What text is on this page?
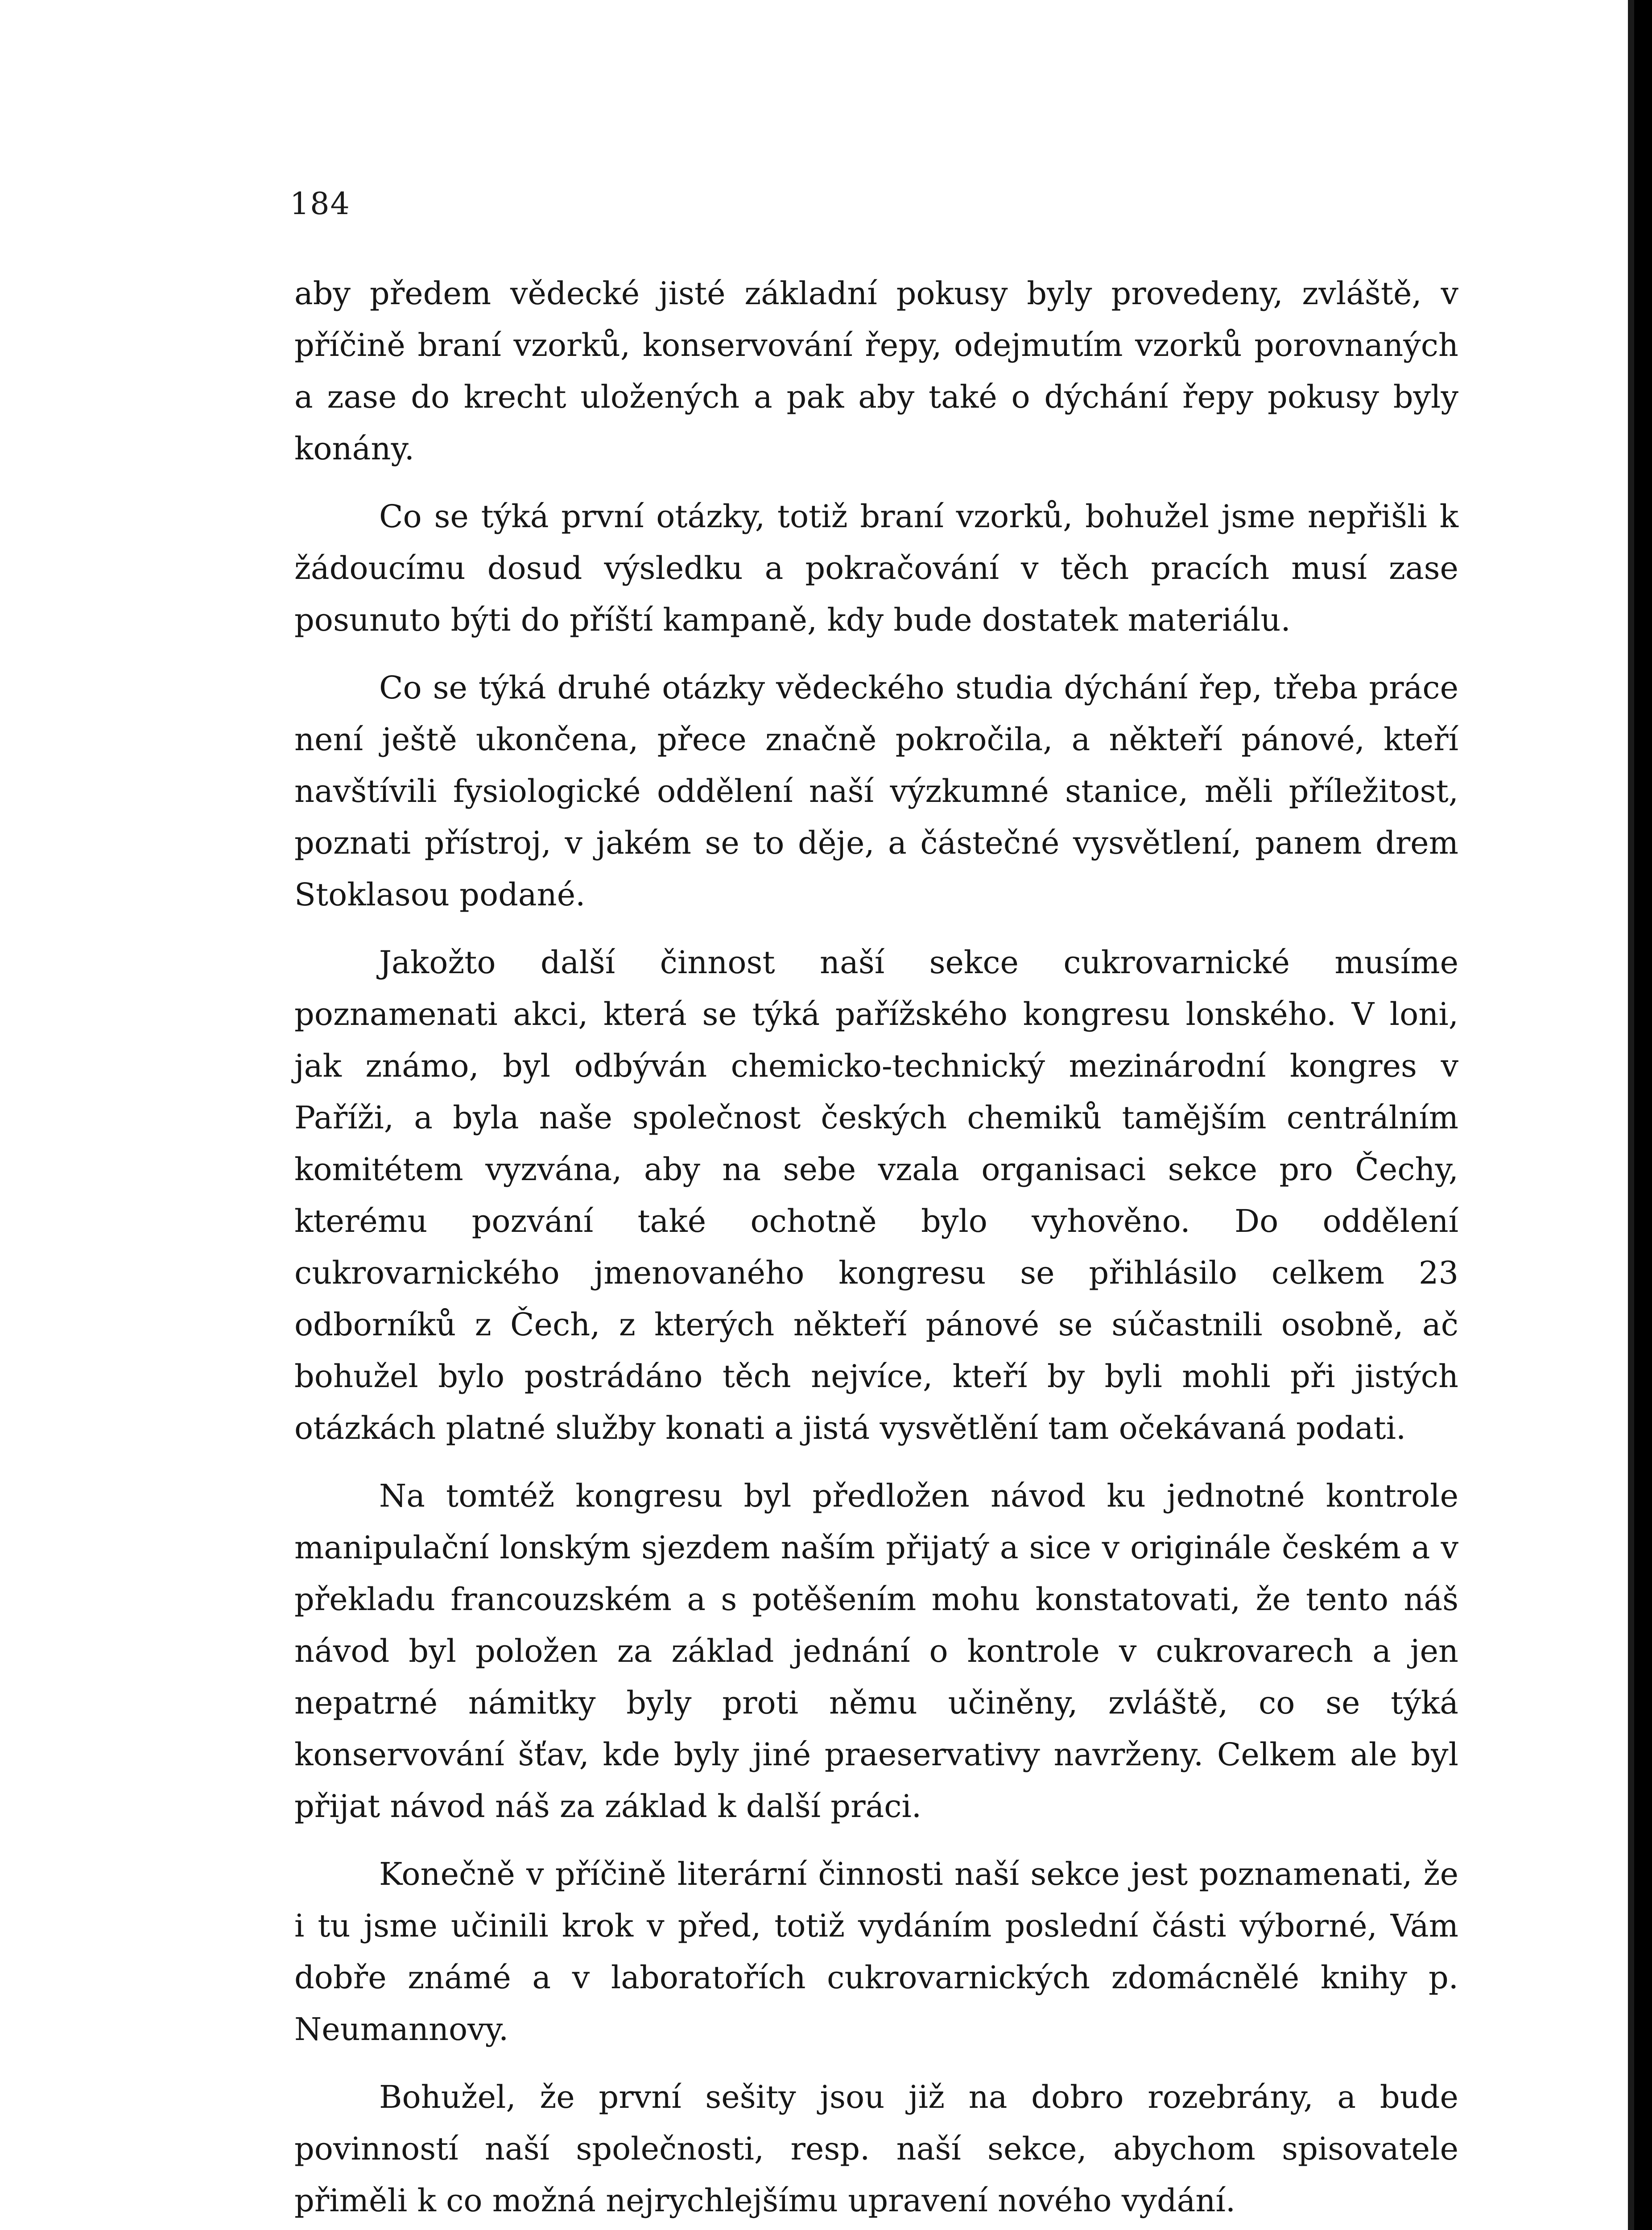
184

aby předem vědecké jisté základní pokusy byly provedeny, zvláště, v příčině braní vzorků, konservování řepy, odejmutím vzorků porovnaných a zase do krecht uložených a pak aby také o dýchání řepy pokusy byly konány.

Co se týká první otázky, totiž braní vzorků, bohužel jsme nepřišli k žádoucímu dosud výsledku a pokračování v těch pracích musí zase posunuto býti do příští kampaně, kdy bude dostatek materiálu.

Co se týká druhé otázky vědeckého studia dýchání řep, třeba práce není ještě ukončena, přece značně pokročila, a někteří pánové, kteří navštívili fysiologické oddělení naší výzkumné stanice, měli příležitost, poznati přístroj, v jakém se to děje, a částečné vysvětlení, panem drem Stoklasou podané.

Jakožto další činnost naší sekce cukrovarnické musíme poznamenati akci, která se týká pařížského kongresu lonského. V loni, jak známo, byl odbýván chemicko-technický mezinárodní kongres v Paříži, a byla naše společnost českých chemiků tamějším centrálním komitétem vyzvána, aby na sebe vzala organisaci sekce pro Čechy, kterému pozvání také ochotně bylo vyhověno. Do oddělení cukrovarnického jmenovaného kongresu se přihlásilo celkem 23 odborníků z Čech, z kterých někteří pánové se súčastnili osobně, ač bohužel bylo postrádáno těch nejvíce, kteří by byli mohli při jistých otázkách platné služby konati a jistá vysvětlění tam očekávaná podati.

Na tomtéž kongresu byl předložen návod ku jednotné kontrole manipulační lonským sjezdem naším přijatý a sice v originále českém a v překladu francouzském a s potěšením mohu konstatovati, že tento náš návod byl položen za základ jednání o kontrole v cukrovarech a jen nepatrné námitky byly proti němu učiněny, zvláště, co se týká konservování šťav, kde byly jiné praeservativy navrženy. Celkem ale byl přijat návod náš za základ k další práci.

Konečně v příčině literární činnosti naší sekce jest poznamenati, že i tu jsme učinili krok v před, totiž vydáním poslední části výborné, Vám dobře známé a v laboratořích cukrovarnických zdomácnělé knihy p. Neumannovy.

Bohužel, že první sešity jsou již na dobro rozebrány, a bude povinností naší společnosti, resp. naší sekce, abychom spisovatele přiměli k co možná nejrychlejšímu upravení nového vydání.
